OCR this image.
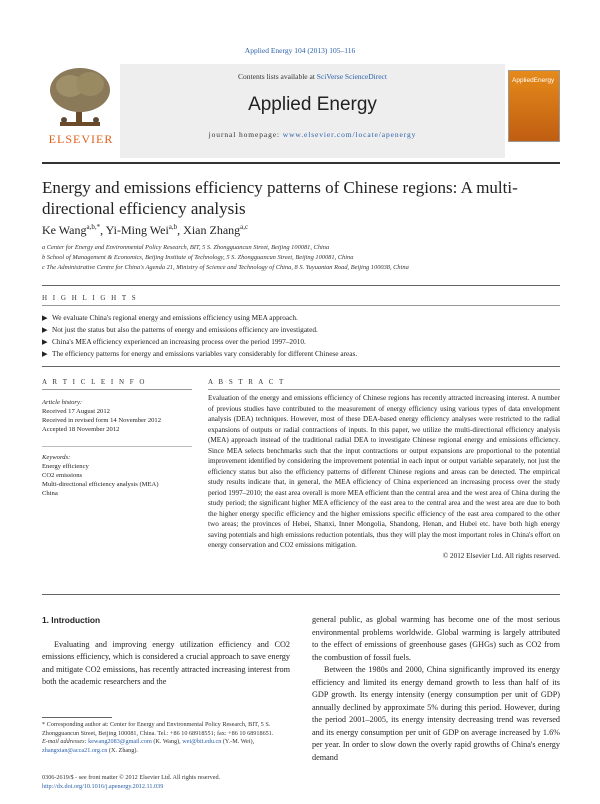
Applied Energy 104 (2013) 105–116
ELSEVIER
Contents lists available at SciVerse ScienceDirect
Applied Energy
journal homepage: www.elsevier.com/locate/apenergy
AppliedEnergy
Energy and emissions efficiency patterns of Chinese regions: A multi-directional efficiency analysis
Ke Wang$^{a,b,*}$, Yi-Ming Wei$^{a,b}$, Xian Zhang$^{a,c}$
a Center for Energy and Environmental Policy Research, BIT, 5 S. Zhongguancun Street, Beijing 100081, China
b School of Management & Economics, Beijing Institute of Technology, 5 S. Zhongguancun Street, Beijing 100081, China
c The Administrative Centre for China's Agenda 21, Ministry of Science and Technology of China, 8 S. Yuyuantan Road, Beijing 100038, China
H I G H L I G H T S
▶ We evaluate China's regional energy and emissions efficiency using MEA approach.
▶ Not just the status but also the patterns of energy and emissions efficiency are investigated.
▶ China's MEA efficiency experienced an increasing process over the period 1997–2010.
▶ The efficiency patterns for energy and emissions variables vary considerably for different Chinese areas.
A R T I C L E I N F O	A B S T R A C T
Article history:
Received 17 August 2012
Received in revised form 14 November 2012
Accepted 18 November 2012
Keywords:
Energy efficiency
CO2 emissions
Multi-directional efficiency analysis (MEA)
China

Evaluation of the energy and emissions efficiency of Chinese regions has recently attracted increasing interest. A number of previous studies have contributed to the measurement of energy efficiency using various types of data envelopment analysis (DEA) techniques. However, most of these DEA-based energy efficiency analyses were restricted to the radial expansions of outputs or radial contractions of inputs. In this paper, we utilize the multi-directional efficiency analysis (MEA) approach instead of the traditional radial DEA to investigate Chinese regional energy and emissions efficiency. Since MEA selects benchmarks such that the input contractions or output expansions are proportional to the potential improvement identified by considering the improvement potential in each input or output variable separately, not just the efficiency status but also the efficiency patterns of different Chinese regions and areas can be detected. The empirical study results indicate that, in general, the MEA efficiency of China experienced an increasing process over the study period 1997–2010; the east area overall is more MEA efficient than the central area and the west area of China during the study period; the significant higher MEA efficiency of the east area to the central area and the west area are due to both the higher energy specific efficiency and the higher emissions specific efficiency of the east area compared to the other two areas; the provinces of Hebei, Shanxi, Inner Mongolia, Shandong, Henan, and Hubei etc. have both high energy saving potentials and high emissions reduction potentials, thus they will play the most important roles in China's effort on energy conservation and CO2 emissions mitigation.

© 2012 Elsevier Ltd. All rights reserved.

1. Introduction

Evaluating and improving energy utilization efficiency and CO2 emissions efficiency, which is considered a crucial approach to save energy and mitigate CO2 emissions, has recently attracted increasing interest from both the academic researchers and the

general public, as global warming has become one of the most serious environmental problems worldwide. Global warming is largely attributed to the effect of emissions of greenhouse gases (GHGs) such as CO2 from the combustion of fossil fuels.

Between the 1980s and 2000, China significantly improved its energy efficiency and limited its energy demand growth to less than half of its GDP growth. Its energy intensity (energy consumption per unit of GDP) annually declined by approximate 5% during this period. However, during the period 2001–2005, its energy intensity decreasing trend was reversed and its energy consumption per unit of GDP on average increased by 1.6% per year. In order to slow down the overly rapid growths of China's energy demand

* Corresponding author at: Center for Energy and Environmental Policy Research, BIT, 5 S. Zhongguancun Street, Beijing 100081, China. Tel.: +86 10 68918551; fax: +86 10 68918651.
E-mail addresses: kewang2083@gmail.com (K. Wang), wei@bit.edu.cn (Y.-M. Wei), zhangxian@acca21.org.cn (X. Zhang).
0306-2619/$ - see front matter © 2012 Elsevier Ltd. All rights reserved.
http://dx.doi.org/10.1016/j.apenergy.2012.11.039
